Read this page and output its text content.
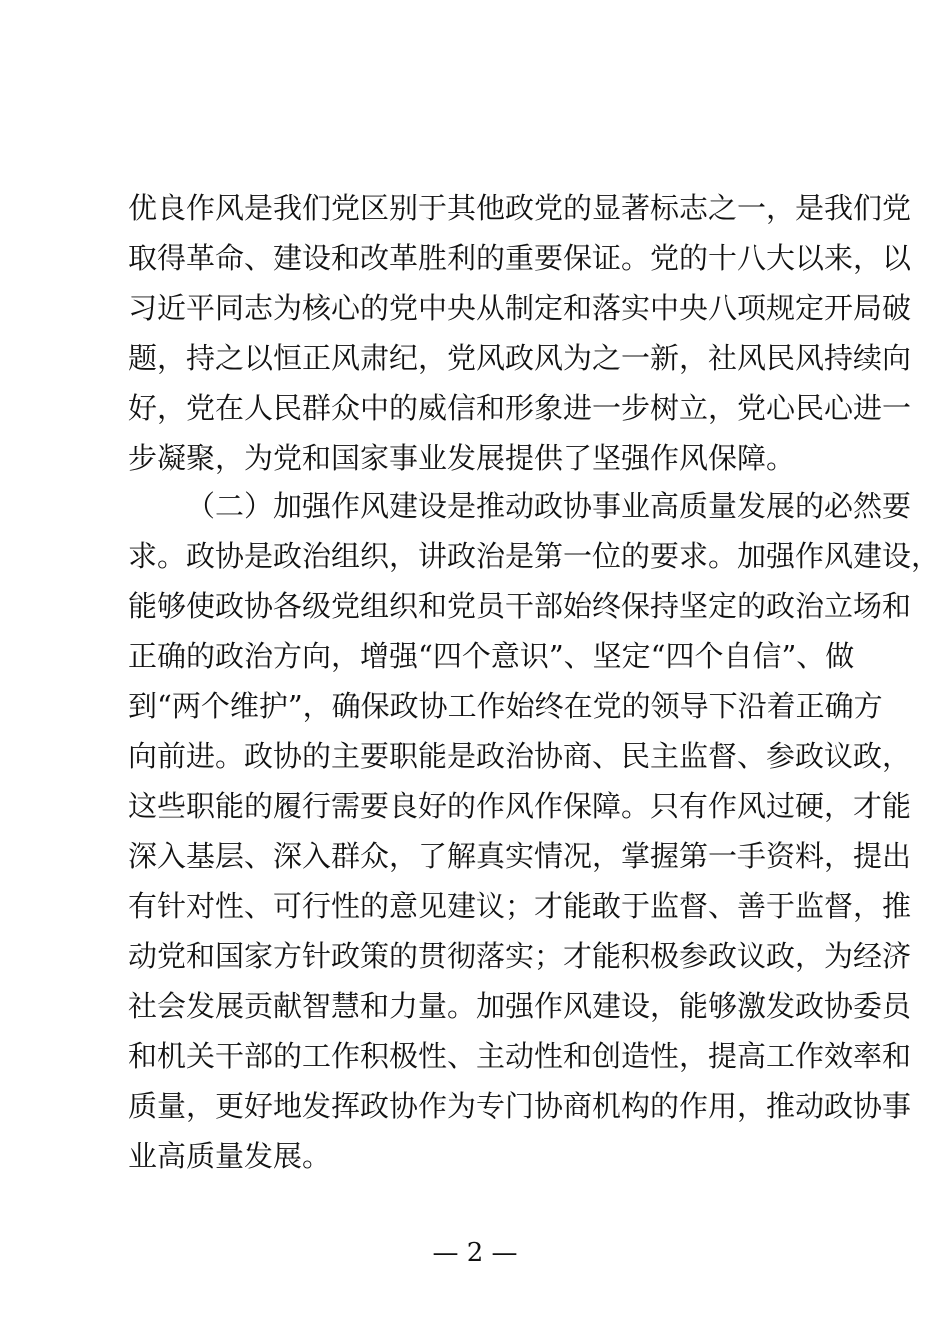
优良作风是我们党区别于其他政党的显著标志之一，是我们党
取得革命、建设和改革胜利的重要保证。党的十八大以来，以
习近平同志为核心的党中央从制定和落实中央八项规定开局破
题，持之以恒正风肃纪，党风政风为之一新，社风民风持续向
好，党在人民群众中的威信和形象进一步树立，党心民心进一
步凝聚，为党和国家事业发展提供了坚强作风保障。
（二）加强作风建设是推动政协事业高质量发展的必然要
求。政协是政治组织，讲政治是第一位的要求。加强作风建设，
能够使政协各级党组织和党员干部始终保持坚定的政治立场和
正确的政治方向，增强“四个意识”、坚定“四个自信”、做
到“两个维护”，确保政协工作始终在党的领导下沿着正确方
向前进。政协的主要职能是政治协商、民主监督、参政议政，
这些职能的履行需要良好的作风作保障。只有作风过硬，才能
深入基层、深入群众，了解真实情况，掌握第一手资料，提出
有针对性、可行性的意见建议；才能敢于监督、善于监督，推
动党和国家方针政策的贯彻落实；才能积极参政议政，为经济
社会发展贡献智慧和力量。加强作风建设，能够激发政协委员
和机关干部的工作积极性、主动性和创造性，提高工作效率和
质量，更好地发挥政协作为专门协商机构的作用，推动政协事
业高质量发展。
— 2 —
